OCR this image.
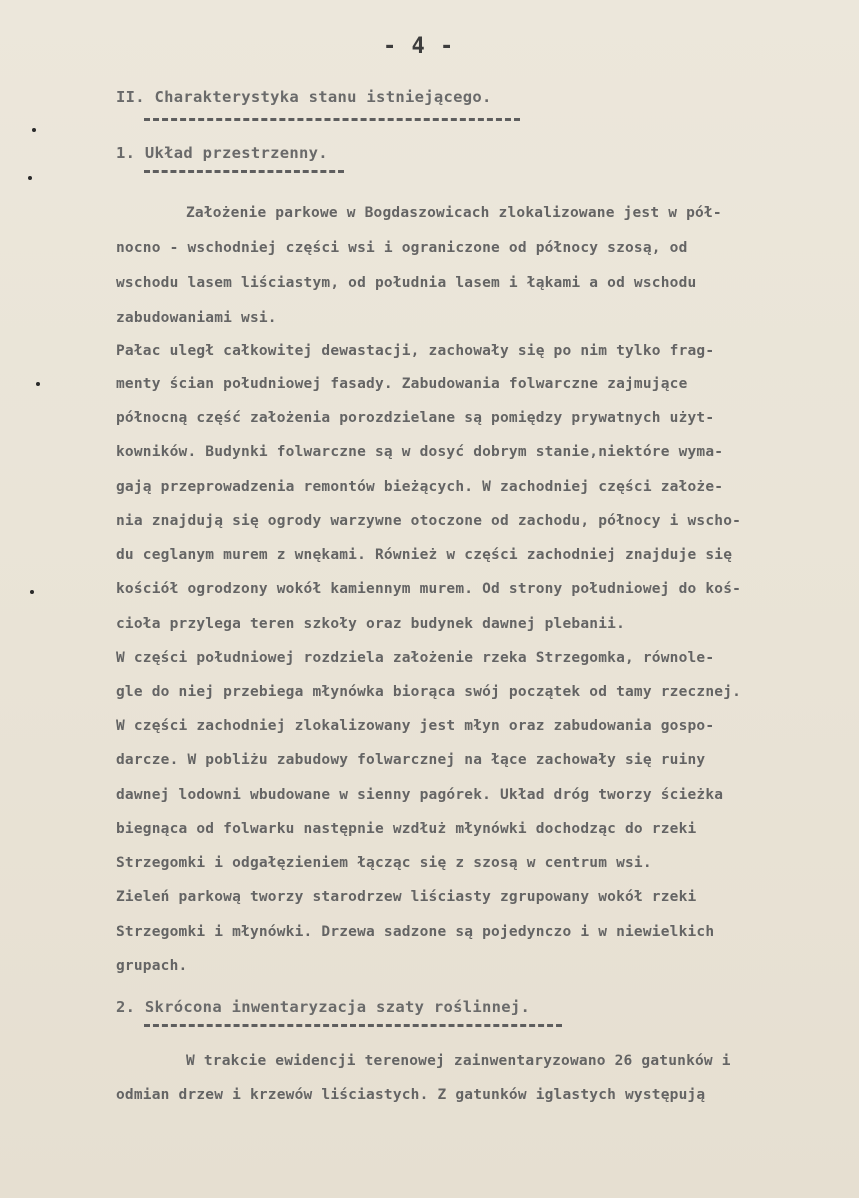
- 4 -
II. Charakterystyka stanu istniejącego.
1. Układ przestrzenny.
Założenie parkowe w Bogdaszowicach zlokalizowane jest w pół-
nocno - wschodniej części wsi i ograniczone od północy szosą, od
wschodu lasem liściastym, od południa lasem i łąkami a od wschodu
zabudowaniami wsi.
Pałac uległ całkowitej dewastacji, zachowały się po nim tylko frag-
menty ścian południowej fasady. Zabudowania folwarczne zajmujące
północną część założenia porozdzielane są pomiędzy prywatnych użyt-
kowników. Budynki folwarczne są w dosyć dobrym stanie,niektóre wyma-
gają przeprowadzenia remontów bieżących. W zachodniej części założe-
nia znajdują się ogrody warzywne otoczone od zachodu, północy i wscho-
du ceglanym murem z wnękami. Również w części zachodniej znajduje się
kościół ogrodzony wokół kamiennym murem. Od strony południowej do koś-
cioła przylega teren szkoły oraz budynek dawnej plebanii.
W części południowej rozdziela założenie rzeka Strzegomka, równole-
gle do niej przebiega młynówka biorąca swój początek od tamy rzecznej.
W części zachodniej zlokalizowany jest młyn oraz zabudowania gospo-
darcze. W pobliżu zabudowy folwarcznej na łące zachowały się ruiny
dawnej lodowni wbudowane w sienny pagórek. Układ dróg tworzy ścieżka
biegnąca od folwarku następnie wzdłuż młynówki dochodząc do rzeki
Strzegomki i odgałęzieniem łącząc się z szosą w centrum wsi.
Zieleń parkową tworzy starodrzew liściasty zgrupowany wokół rzeki
Strzegomki i młynówki. Drzewa sadzone są pojedynczo i w niewielkich
grupach.
2. Skrócona inwentaryzacja szaty roślinnej.
W trakcie ewidencji terenowej zainwentaryzowano 26 gatunków i
odmian drzew i krzewów liściastych. Z gatunków iglastych występują
